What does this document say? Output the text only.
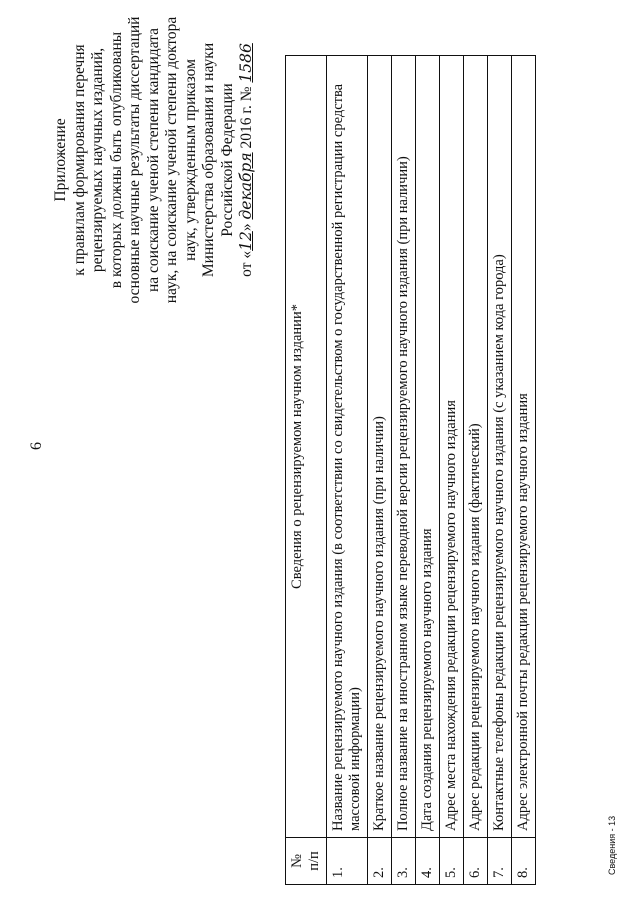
6
Приложение к правилам формирования перечня рецензируемых научных изданий, в которых должны быть опубликованы основные научные результаты диссертаций на соискание ученой степени кандидата наук, на соискание ученой степени доктора наук, утвержденным приказом Министерства образования и науки Российской Федерации
от «12» декабря 2016 г. № 1586
№
п/п	Сведения о рецензируемом научном издании*
1.	Название рецензируемого научного издания (в соответствии со свидетельством о государственной регистрации средства массовой информации)
2.	Краткое название рецензируемого научного издания (при наличии)
3.	Полное название на иностранном языке переводной версии рецензируемого научного издания (при наличии)
4.	Дата создания рецензируемого научного издания
5.	Адрес места нахождения редакции рецензируемого научного издания
6.	Адрес редакции рецензируемого научного издания (фактический)
7.	Контактные телефоны редакции рецензируемого научного издания (с указанием кода города)
8.	Адрес электронной почты редакции рецензируемого научного издания
Сведения - 13
